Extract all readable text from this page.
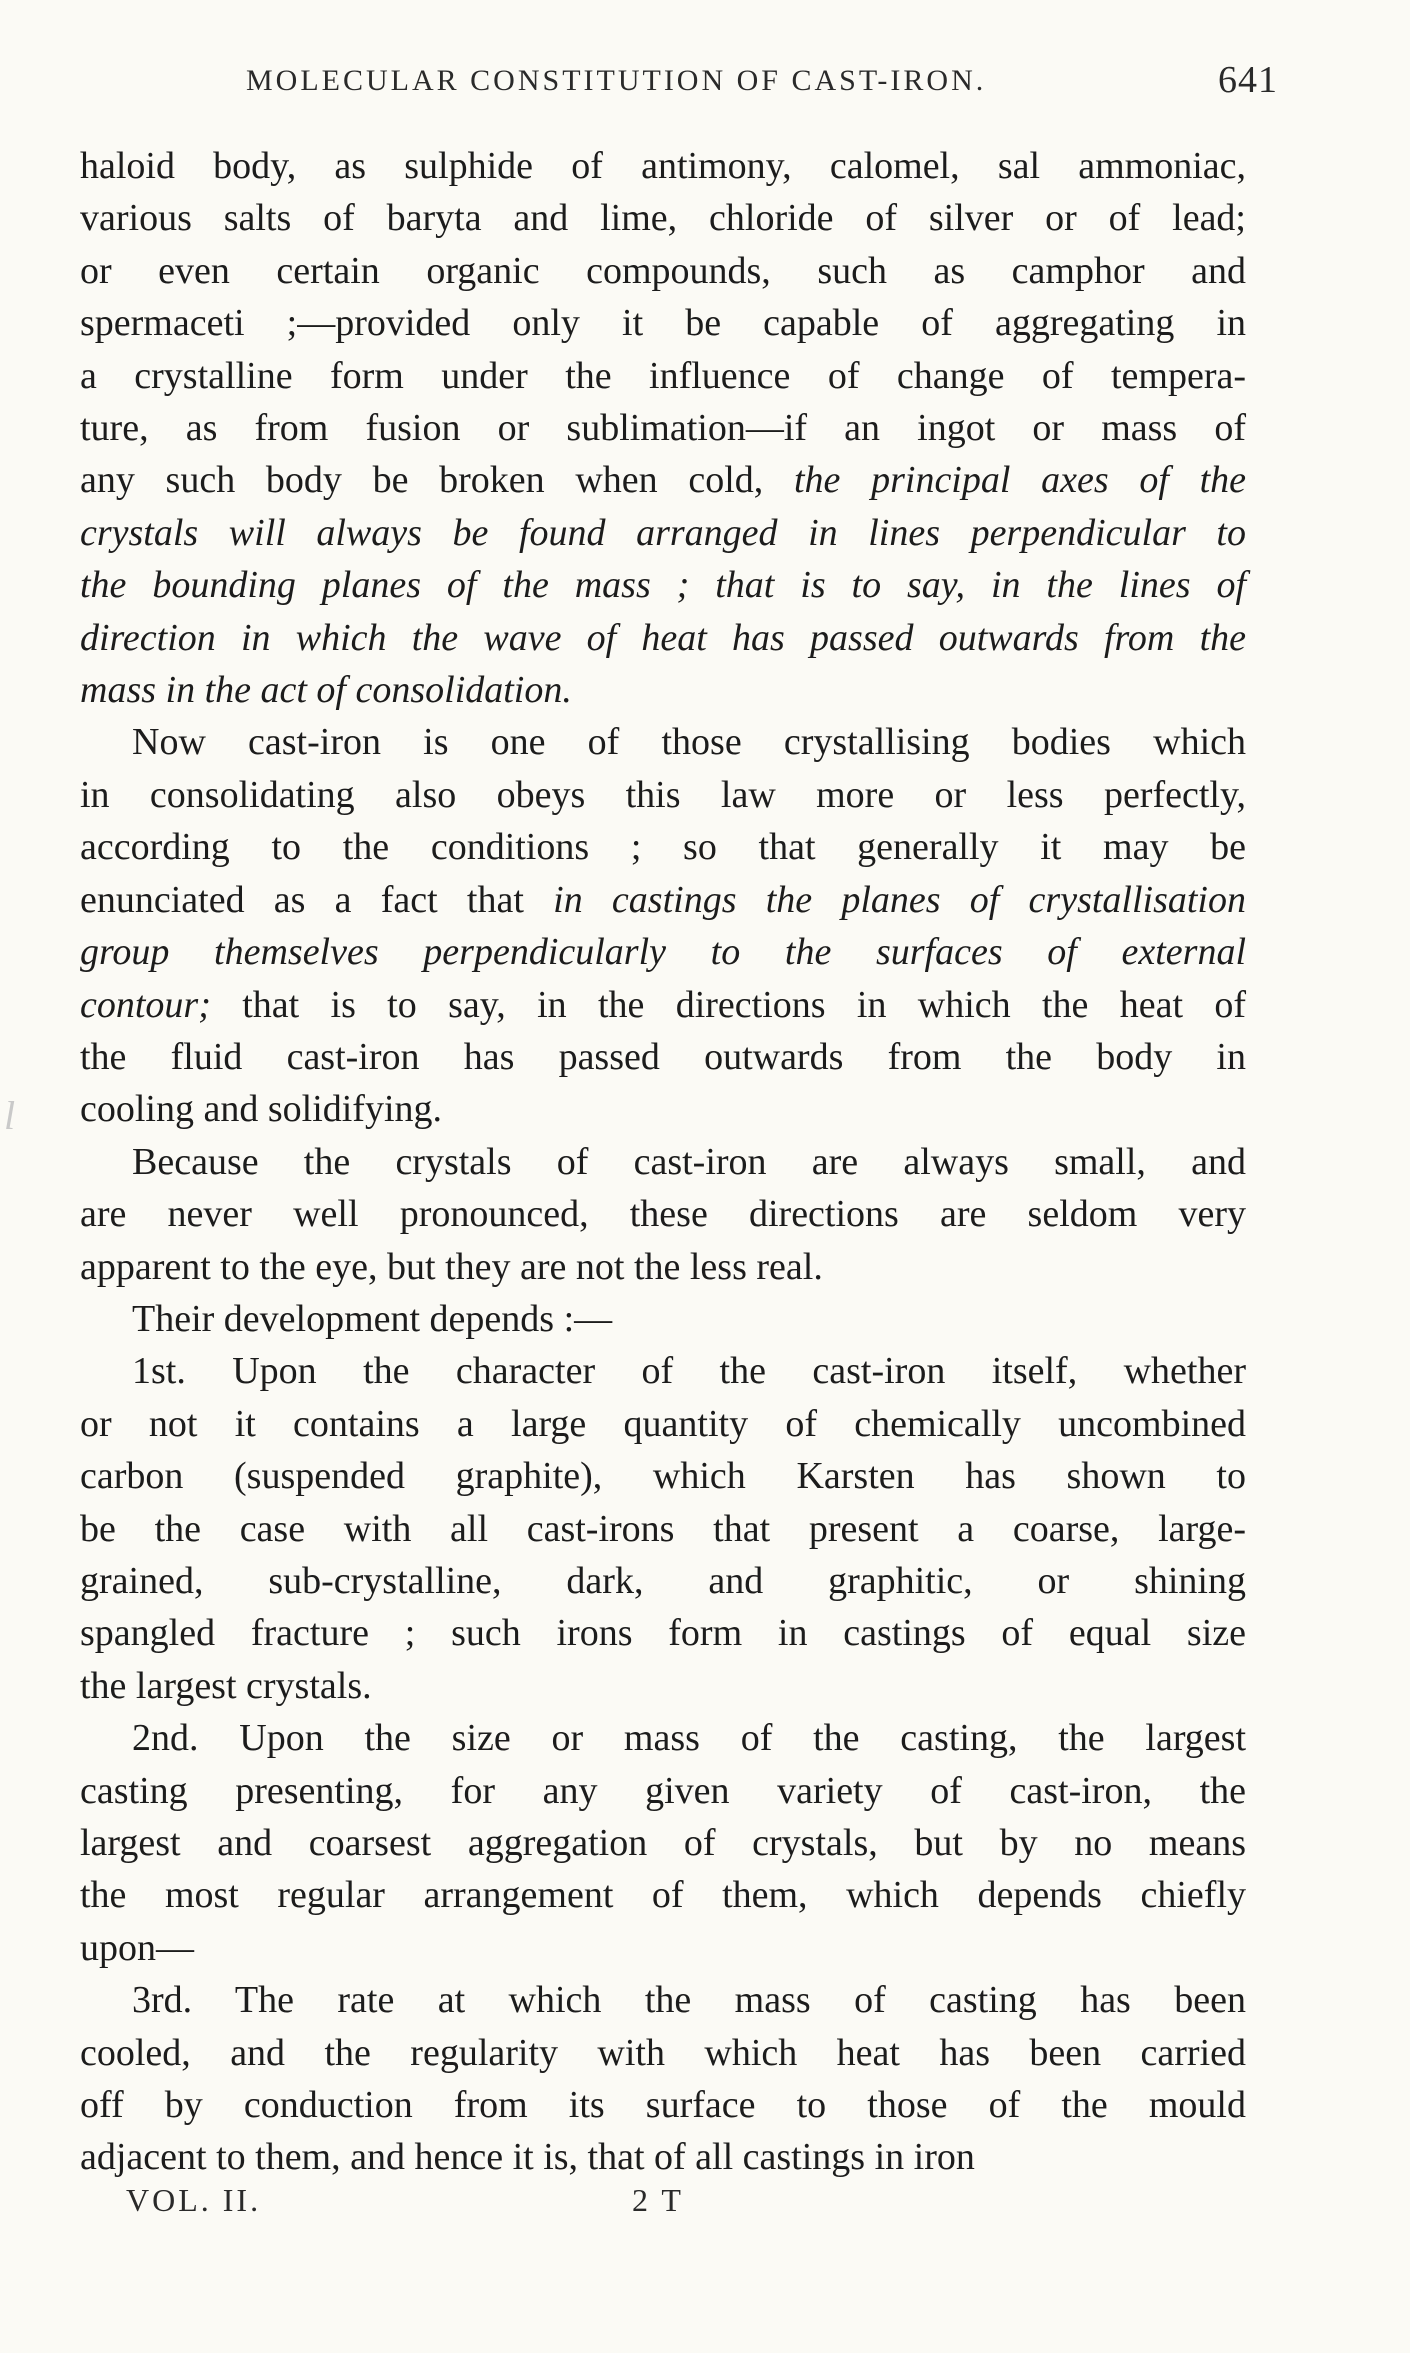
MOLECULAR CONSTITUTION OF CAST-IRON.	641
l
haloid body, as sulphide of antimony, calomel, sal ammoniac,
various salts of baryta and lime, chloride of silver or of lead;
or even certain organic compounds, such as camphor and
spermaceti ;—provided only it be capable of aggregating in
a crystalline form under the influence of change of tempera-
ture, as from fusion or sublimation—if an ingot or mass of
any such body be broken when cold, the principal axes of the
crystals will always be found arranged in lines perpendicular to
the bounding planes of the mass ; that is to say, in the lines of
direction in which the wave of heat has passed outwards from the
mass in the act of consolidation.
Now cast-iron is one of those crystallising bodies which
in consolidating also obeys this law more or less perfectly,
according to the conditions ; so that generally it may be
enunciated as a fact that in castings the planes of crystallisation
group themselves perpendicularly to the surfaces of external
contour; that is to say, in the directions in which the heat of
the fluid cast-iron has passed outwards from the body in
cooling and solidifying.
Because the crystals of cast-iron are always small, and
are never well pronounced, these directions are seldom very
apparent to the eye, but they are not the less real.
Their development depends :—
1st. Upon the character of the cast-iron itself, whether
or not it contains a large quantity of chemically uncombined
carbon (suspended graphite), which Karsten has shown to
be the case with all cast-irons that present a coarse, large-
grained, sub-crystalline, dark, and graphitic, or shining
spangled fracture ; such irons form in castings of equal size
the largest crystals.
2nd. Upon the size or mass of the casting, the largest
casting presenting, for any given variety of cast-iron, the
largest and coarsest aggregation of crystals, but by no means
the most regular arrangement of them, which depends chiefly
upon—
3rd. The rate at which the mass of casting has been
cooled, and the regularity with which heat has been carried
off by conduction from its surface to those of the mould
adjacent to them, and hence it is, that of all castings in iron
VOL. II.	2 T
